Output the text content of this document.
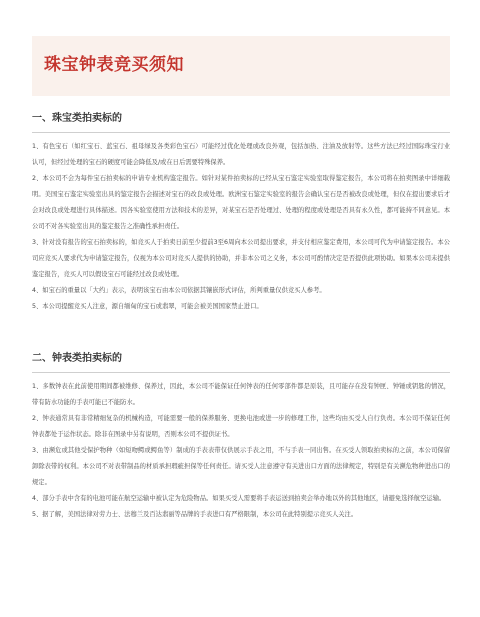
珠宝钟表竞买须知
一、珠宝类拍卖标的

1、有色宝石（如红宝石、蓝宝石、祖母绿及各类彩色宝石）可能经过优化处理或改良外观，包括加热、注油及放射等。这些方法已经过国际珠宝行业认可，但经过处理的宝石的硬度可能会降低及/或在日后需要特殊保养。

2、本公司不会为每件宝石拍卖标的申请专业机构鉴定报告。如针对某件拍卖标的已经从宝石鉴定实验室取得鉴定报告，本公司将在拍卖图录中详细载明。美国宝石鉴定实验室出具的鉴定报告会描述对宝石的改良或处理。欧洲宝石鉴定实验室的报告会确认宝石是否被改良或处理，但仅在提出要求后才会对改良或处理进行具体描述。因各实验室使用方法和技术的差异，对某宝石是否处理过、处理的程度或处理是否具有永久性，都可能持不同意见。本公司不对各实验室出具的鉴定报告之准确性承担责任。

3、针对没有报告的宝石拍卖标的，如竞买人于拍卖日前至少提前3至6周向本公司提出要求，并支付相应鉴定费用，本公司可代为申请鉴定报告。本公司应竞买人要求代为申请鉴定报告，仅视为本公司对竞买人提供的协助，并非本公司之义务，本公司可酌情决定是否提供此项协助。如果本公司未提供鉴定报告，竞买人可以假设宝石可能经过改良或处理。

4、如宝石的重量以「大约」表示，表明该宝石由本公司依据其镶嵌形式评估，所判重量仅供竞买人参考。

5、本公司提醒竞买人注意，源自缅甸的宝石或翡翠，可能会被美国国家禁止进口。

二、钟表类拍卖标的

1、多数钟表在此前使用期间都被维修、保养过，因此，本公司不能保证任何钟表的任何零部件都是原装，且可能存在没有钟匣、钟锤或钥匙的情况，带有防水功能的手表可能已不能防水。

2、钟表通常具有非常精细复杂的机械构造，可能需要一般的保养服务、更换电池或进一步的修理工作，这些均由买受人自行负责。本公司不保证任何钟表都处于运作状态。除非在图录中另有说明，否则本公司不提供证书。

3、由濒危或其他受保护物种（如短吻鳄或鳄鱼等）制成的手表表带仅供展示手表之用，不与手表一同出售。在买受人领取拍卖标的之前，本公司保留卸除表带的权利。本公司不对表带制品的材质承担瑕疵担保等任何责任。请买受人注意遵守有关进出口方面的法律规定，特别是有关濒危物种进出口的规定。

4、部分手表中含有的电池可能在航空运输中被认定为危险物品。如果买受人需要将手表运送到拍卖会举办地以外的其他地区，请避免选择航空运输。

5、据了解，美国法律对劳力士、法穆兰及百达翡丽等品牌的手表进口有严格限制，本公司在此特别提示竞买人关注。
